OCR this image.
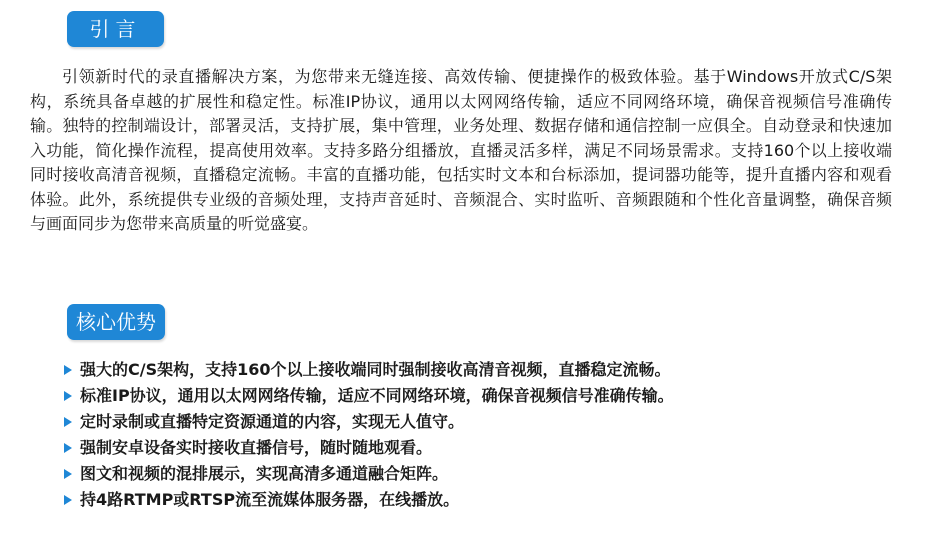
引言

引领新时代的录直播解决方案，为您带来无缝连接、高效传输、便捷操作的极致体验。基于Windows开放式C/S架构，系统具备卓越的扩展性和稳定性。标准IP协议，通用以太网网络传输，适应不同网络环境，确保音视频信号准确传输。独特的控制端设计，部署灵活，支持扩展，集中管理，业务处理、数据存储和通信控制一应俱全。自动登录和快速加入功能，简化操作流程，提高使用效率。支持多路分组播放，直播灵活多样，满足不同场景需求。支持160个以上接收端同时接收高清音视频，直播稳定流畅。丰富的直播功能，包括实时文本和台标添加，提词器功能等，提升直播内容和观看体验。此外，系统提供专业级的音频处理，支持声音延时、音频混合、实时监听、音频跟随和个性化音量调整，确保音频与画面同步为您带来高质量的听觉盛宴。

核心优势
强大的C/S架构，支持160个以上接收端同时强制接收高清音视频，直播稳定流畅。
标准IP协议，通用以太网网络传输，适应不同网络环境，确保音视频信号准确传输。
定时录制或直播特定资源通道的内容，实现无人值守。
强制安卓设备实时接收直播信号，随时随地观看。
图文和视频的混排展示，实现高清多通道融合矩阵。
持4路RTMP或RTSP流至流媒体服务器，在线播放。
